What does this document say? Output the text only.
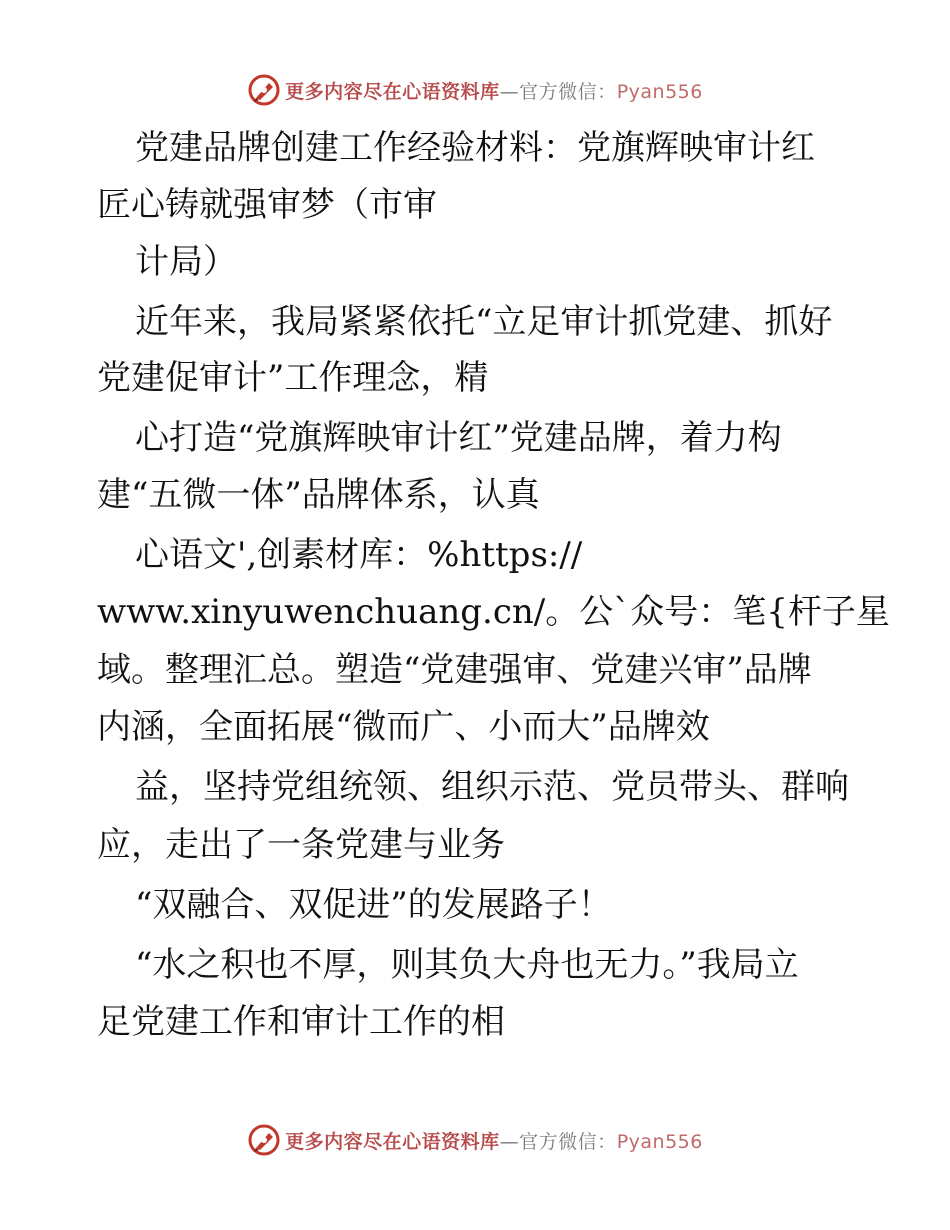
更多内容尽在心语资料库—官方微信：Pyan556
党建品牌创建工作经验材料：党旗辉映审计红
匠心铸就强审梦（市审
计局）
近年来，我局紧紧依托“立足审计抓党建、抓好
党建促审计”工作理念，精
心打造“党旗辉映审计红”党建品牌，着力构
建“五微一体”品牌体系，认真
心语文',创素材库：%https://
www.xinyuwenchuang.cn/。公`众号：笔{杆子星
域。整理汇总。塑造“党建强审、党建兴审”品牌
内涵，全面拓展“微而广、小而大”品牌效
益，坚持党组统领、组织示范、党员带头、群响
应，走出了一条党建与业务
“双融合、双促进”的发展路子！
“水之积也不厚，则其负大舟也无力。”我局立
足党建工作和审计工作的相
更多内容尽在心语资料库—官方微信：Pyan556
